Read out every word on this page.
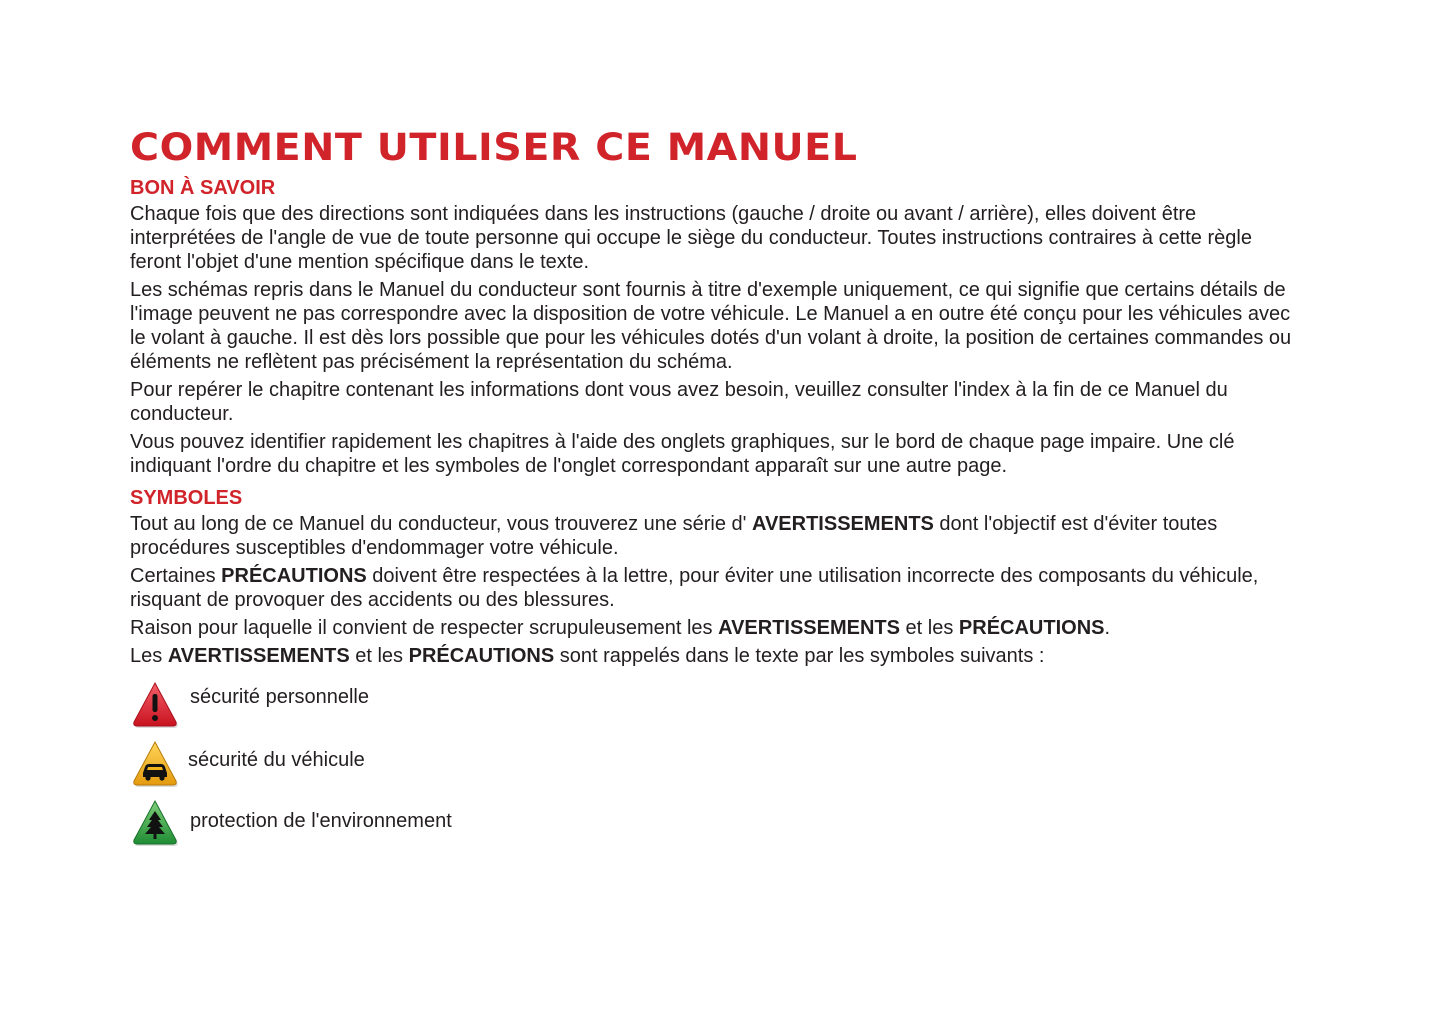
COMMENT UTILISER CE MANUEL
BON À SAVOIR

Chaque fois que des directions sont indiquées dans les instructions (gauche / droite ou avant / arrière), elles doivent être interprétées de l'angle de vue de toute personne qui occupe le siège du conducteur. Toutes instructions contraires à cette règle feront l'objet d'une mention spécifique dans le texte.

Les schémas repris dans le Manuel du conducteur sont fournis à titre d'exemple uniquement, ce qui signifie que certains détails de l'image peuvent ne pas correspondre avec la disposition de votre véhicule. Le Manuel a en outre été conçu pour les véhicules avec le volant à gauche. Il est dès lors possible que pour les véhicules dotés d'un volant à droite, la position de certaines commandes ou éléments ne reflètent pas précisément la représentation du schéma.

Pour repérer le chapitre contenant les informations dont vous avez besoin, veuillez consulter l'index à la fin de ce Manuel du conducteur.

Vous pouvez identifier rapidement les chapitres à l'aide des onglets graphiques, sur le bord de chaque page impaire. Une clé indiquant l'ordre du chapitre et les symboles de l'onglet correspondant apparaît sur une autre page.

SYMBOLES

Tout au long de ce Manuel du conducteur, vous trouverez une série d' AVERTISSEMENTS dont l'objectif est d'éviter toutes procédures susceptibles d'endommager votre véhicule.

Certaines PRÉCAUTIONS doivent être respectées à la lettre, pour éviter une utilisation incorrecte des composants du véhicule, risquant de provoquer des accidents ou des blessures.

Raison pour laquelle il convient de respecter scrupuleusement les AVERTISSEMENTS et les PRÉCAUTIONS.

Les AVERTISSEMENTS et les PRÉCAUTIONS sont rappelés dans le texte par les symboles suivants :

sécurité personnelle
sécurité du véhicule
protection de l'environnement
